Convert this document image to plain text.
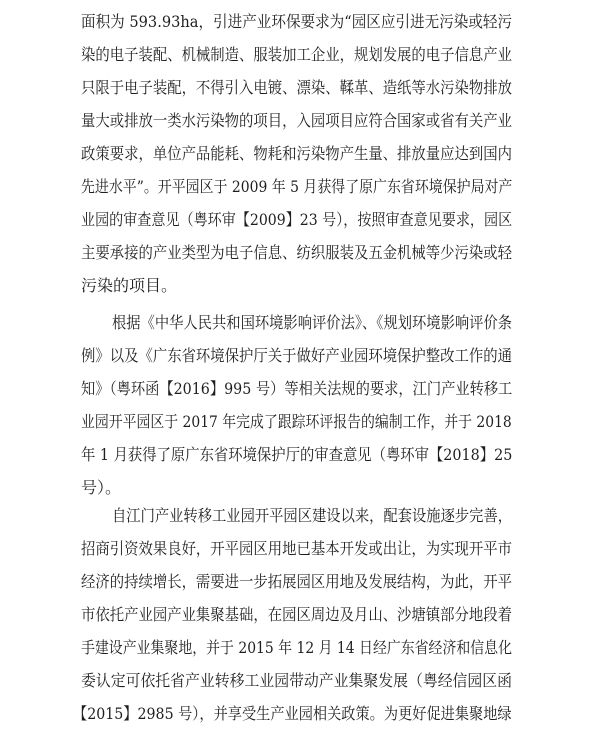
面积为 593.93ha，引进产业环保要求为“园区应引进无污染或轻污
染的电子装配、机械制造、服装加工企业，规划发展的电子信息产业
只限于电子装配，不得引入电镀、漂染、鞣革、造纸等水污染物排放
量大或排放一类水污染物的项目，入园项目应符合国家或省有关产业
政策要求，单位产品能耗、物耗和污染物产生量、排放量应达到国内
先进水平”。开平园区于 2009 年 5 月获得了原广东省环境保护局对产
业园的审查意见（粤环审【2009】23 号），按照审查意见要求，园区
主要承接的产业类型为电子信息、纺织服装及五金机械等少污染或轻
污染的项目。
根据《中华人民共和国环境影响评价法》、《规划环境影响评价条
例》以及《广东省环境保护厅关于做好产业园环境保护整改工作的通
知》（粤环函【2016】995 号）等相关法规的要求，江门产业转移工
业园开平园区于 2017 年完成了跟踪环评报告的编制工作，并于 2018
年 1 月获得了原广东省环境保护厅的审查意见（粤环审【2018】25
号）。
自江门产业转移工业园开平园区建设以来，配套设施逐步完善，
招商引资效果良好，开平园区用地已基本开发或出让，为实现开平市
经济的持续增长，需要进一步拓展园区用地及发展结构，为此，开平
市依托产业园产业集聚基础，在园区周边及月山、沙塘镇部分地段着
手建设产业集聚地，并于 2015 年 12 月 14 日经广东省经济和信息化
委认定可依托省产业转移工业园带动产业集聚发展（粤经信园区函
【2015】2985 号），并享受生产业园相关政策。为更好促进集聚地绿
